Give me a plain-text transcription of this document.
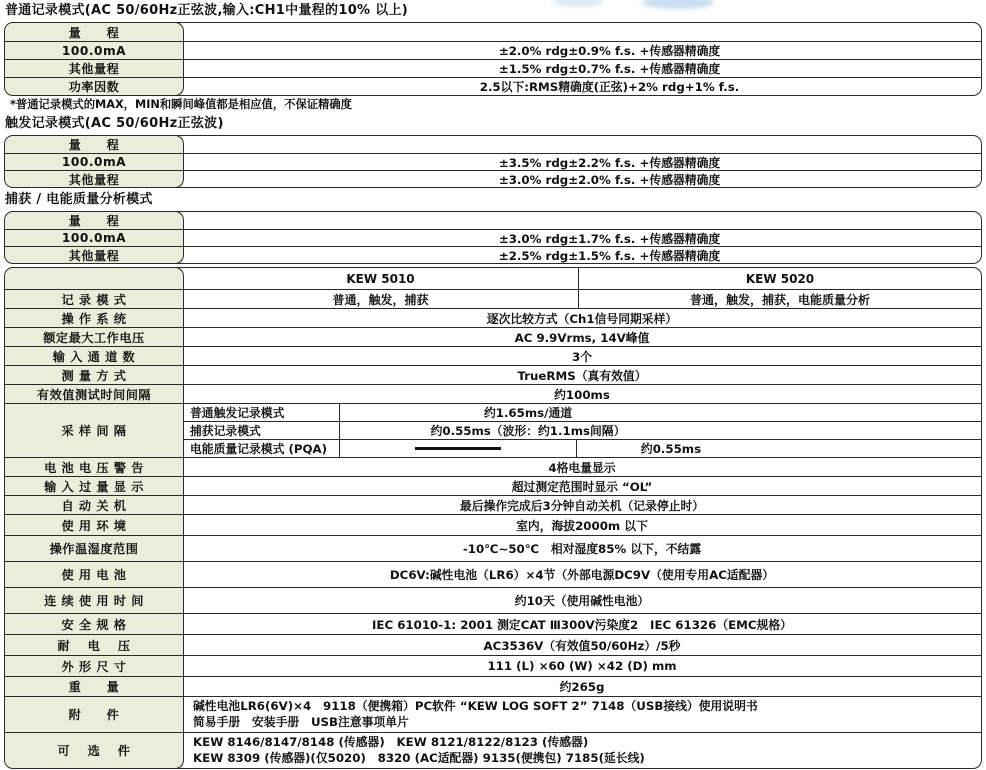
普通记录模式(AC 50/60Hz正弦波,输入:CH1中量程的10% 以上)
量　　程
100.0mA	±2.0% rdg±0.9% f.s. +传感器精确度
其他量程	±1.5% rdg±0.7% f.s. +传感器精确度
功率因数	2.5以下:RMS精确度(正弦)+2% rdg+1% f.s.
*普通记录模式的MAX，MIN和瞬间峰值都是相应值，不保证精确度
触发记录模式(AC 50/60Hz正弦波)
量　　程
100.0mA	±3.5% rdg±2.2% f.s. +传感器精确度
其他量程	±3.0% rdg±2.0% f.s. +传感器精确度
捕获 / 电能质量分析模式
量　　程
100.0mA	±3.0% rdg±1.7% f.s. +传感器精确度
其他量程	±2.5% rdg±1.5% f.s. +传感器精确度
KEW 5010	KEW 5020
记 录 模 式	普通，触发，捕获	普通，触发，捕获，电能质量分析
操 作 系 统	逐次比较方式（Ch1信号同期采样）
额定最大工作电压	AC 9.9Vrms, 14V峰值
输 入 通 道 数	3个
测 量 方 式	TrueRMS（真有效值）
有效值测试时间间隔	约100ms
采 样 间 隔
普通触发记录模式	约1.65ms/通道
捕获记录模式	约0.55ms（波形：约1.1ms间隔）
电能质量记录模式 (PQA)	约0.55ms
电 池 电 压 警 告	4格电量显示
输 入 过 量 显 示	超过测定范围时显示 “OL”
自 动 关 机	最后操作完成后3分钟自动关机（记录停止时）
使 用 环 境	室内，海拔2000m 以下
操作温湿度范围	-10℃~50℃　相对湿度85% 以下，不结露
使 用 电 池	DC6V:碱性电池（LR6）×4节（外部电源DC9V（使用专用AC适配器）
连 续 使 用 时 间	约10天（使用碱性电池）
安 全 规 格	IEC 61010-1: 2001 测定CAT Ⅲ300V污染度2　IEC 61326（EMC规格）
耐　 电　 压	AC3536V（有效值50/60Hz）/5秒
外 形 尺 寸	111 (L) ×60 (W) ×42 (D) mm
重　　量	约265g
附　　件
碱性电池LR6(6V)×4　9118（便携箱）PC软件 “KEW LOG SOFT 2” 7148（USB接线）使用说明书
简易手册　安装手册　USB注意事项单片
可　 选　 件
KEW 8146/8147/8148 (传感器)　KEW 8121/8122/8123 (传感器)
KEW 8309 (传感器)(仅5020)　8320 (AC适配器) 9135(便携包) 7185(延长线)
